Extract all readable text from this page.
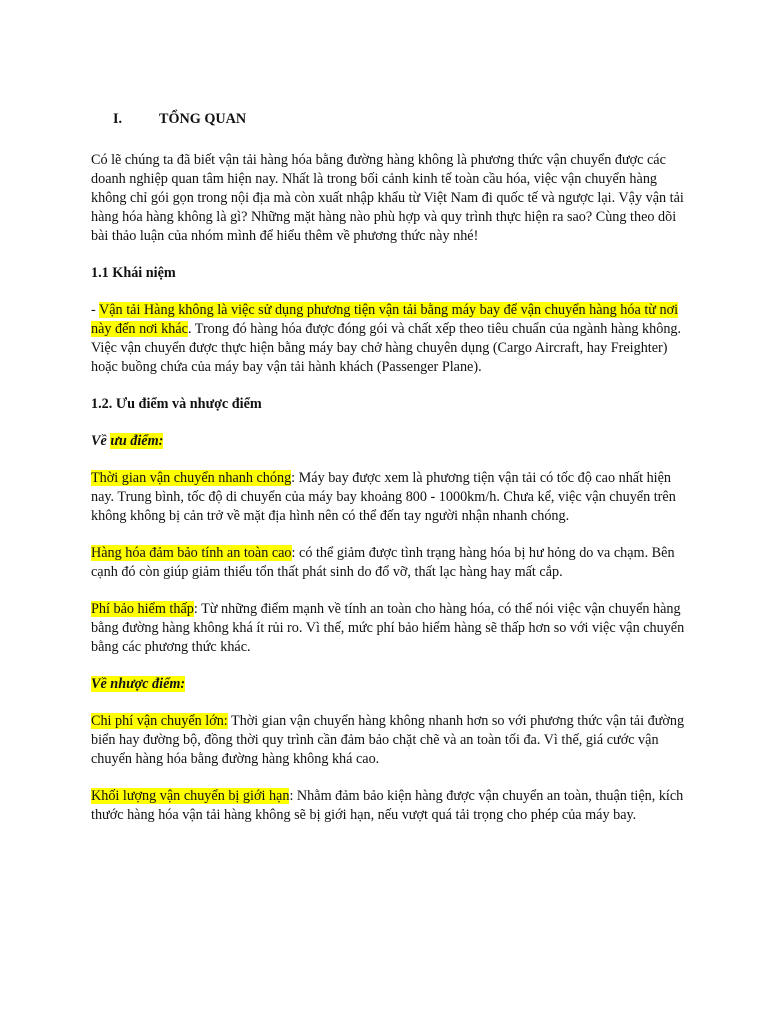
I.	TỔNG QUAN

Có lẽ chúng ta đã biết vận tải hàng hóa bằng đường hàng không là phương thức vận chuyển được các doanh nghiệp quan tâm hiện nay. Nhất là trong bối cảnh kinh tế toàn cầu hóa, việc vận chuyển hàng không chỉ gói gọn trong nội địa mà còn xuất nhập khẩu từ Việt Nam đi quốc tế và ngược lại. Vậy vận tải hàng hóa hàng không là gì? Những mặt hàng nào phù hợp và quy trình thực hiện ra sao? Cùng theo dõi bài thảo luận của nhóm mình để hiểu thêm về phương thức này nhé!

1.1 Khái niệm

- Vận tải Hàng không là việc sử dụng phương tiện vận tải bằng máy bay để vận chuyển hàng hóa từ nơi này đến nơi khác. Trong đó hàng hóa được đóng gói và chất xếp theo tiêu chuẩn của ngành hàng không. Việc vận chuyển được thực hiện bằng máy bay chở hàng chuyên dụng (Cargo Aircraft, hay Freighter) hoặc buồng chứa của máy bay vận tải hành khách (Passenger Plane).

1.2. Ưu điểm và nhược điểm
Về ưu điểm:

Thời gian vận chuyển nhanh chóng: Máy bay được xem là phương tiện vận tải có tốc độ cao nhất hiện nay. Trung bình, tốc độ di chuyển của máy bay khoảng 800 - 1000km/h. Chưa kể, việc vận chuyển trên không không bị cản trở về mặt địa hình nên có thể đến tay người nhận nhanh chóng.

Hàng hóa đảm bảo tính an toàn cao: có thể giảm được tình trạng hàng hóa bị hư hỏng do va chạm. Bên cạnh đó còn giúp giảm thiểu tổn thất phát sinh do đổ vỡ, thất lạc hàng hay mất cắp.

Phí bảo hiểm thấp: Từ những điểm mạnh về tính an toàn cho hàng hóa, có thể nói việc vận chuyển hàng bằng đường hàng không khá ít rủi ro. Vì thế, mức phí bảo hiểm hàng sẽ thấp hơn so với việc vận chuyển bằng các phương thức khác.

Về nhược điểm:

Chi phí vận chuyển lớn: Thời gian vận chuyển hàng không nhanh hơn so với phương thức vận tải đường biển hay đường bộ, đồng thời quy trình cần đảm bảo chặt chẽ và an toàn tối đa. Vì thế, giá cước vận chuyển hàng hóa bằng đường hàng không khá cao.

Khối lượng vận chuyển bị giới hạn: Nhằm đảm bảo kiện hàng được vận chuyển an toàn, thuận tiện, kích thước hàng hóa vận tải hàng không sẽ bị giới hạn, nếu vượt quá tải trọng cho phép của máy bay.
